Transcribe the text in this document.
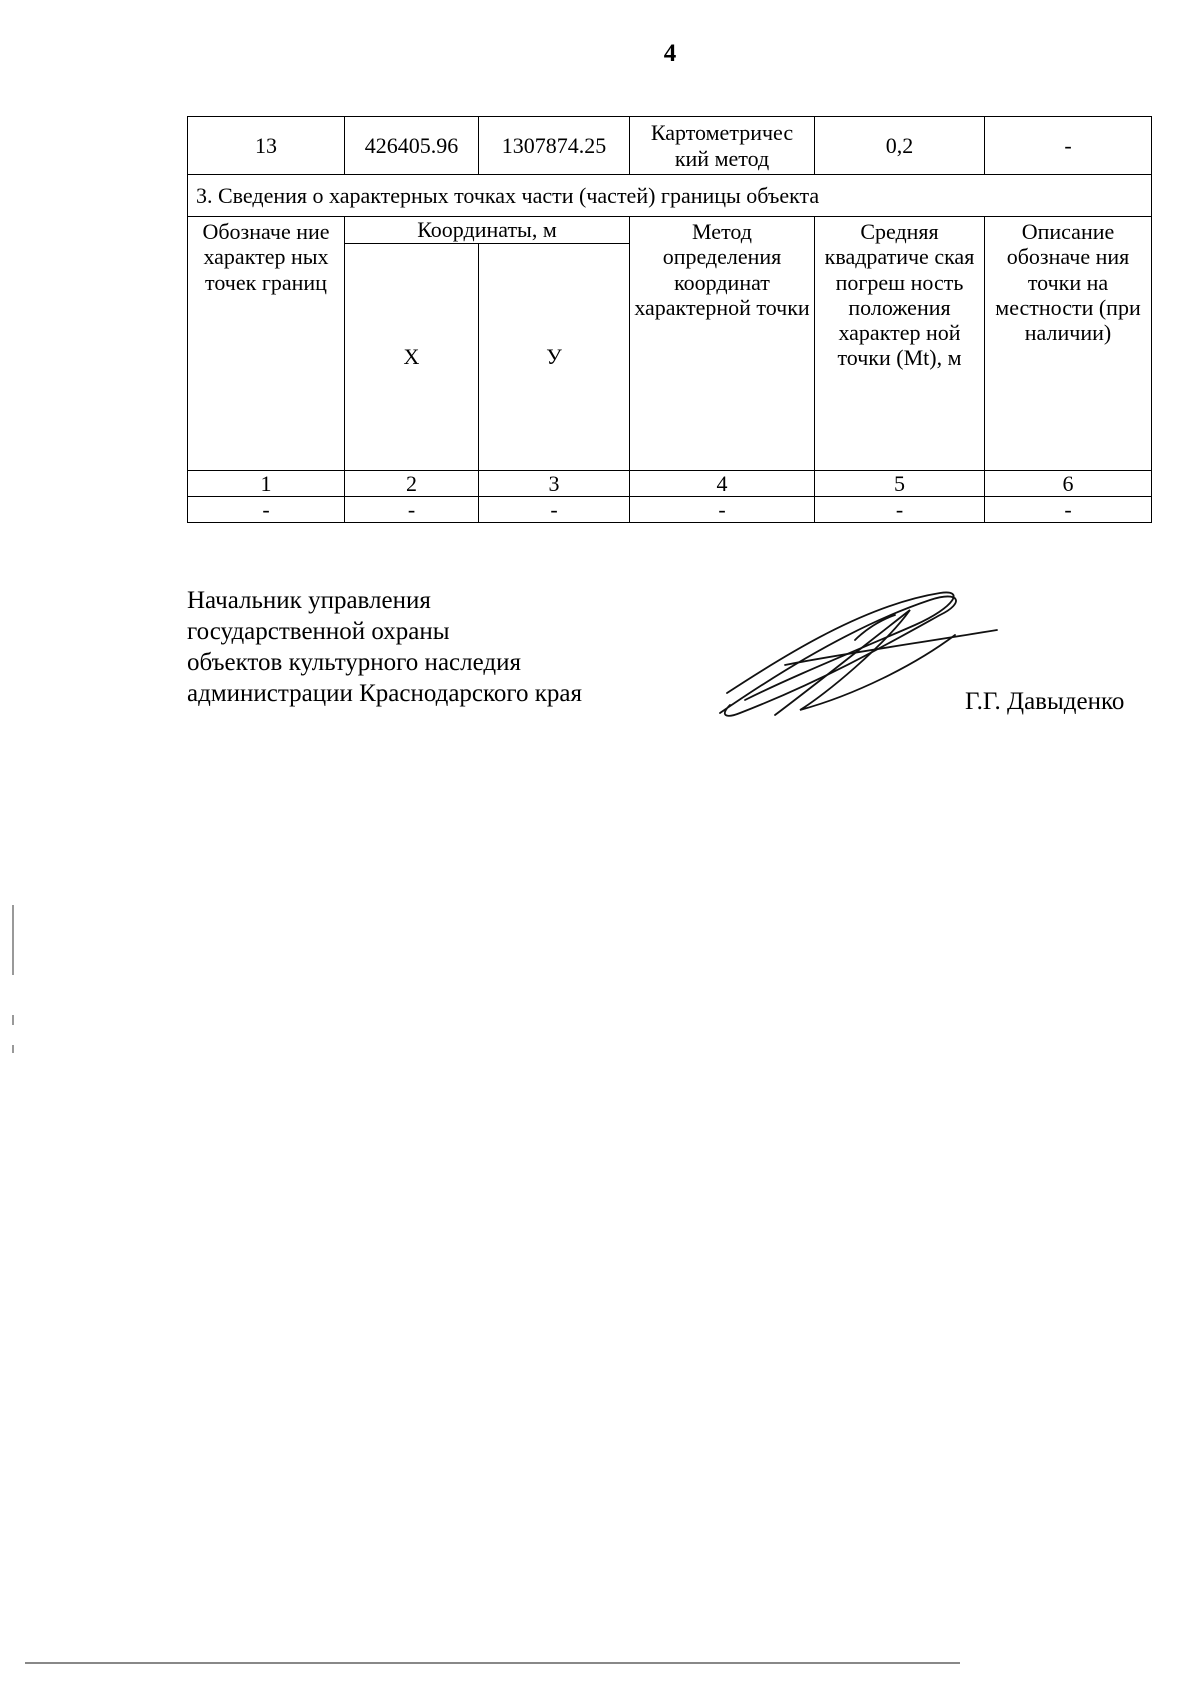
4
13	426405.96	1307874.25	Картометричес кий метод	0,2	-
3. Сведения о характерных точках части (частей) границы объекта					
Обозначе ние характер ных точек границ	Координаты, м		Метод определения координат характерной точки	Средняя квадратиче ская погреш ность положения характер ной точки (Mt), м	Описание обозначе ния точки на местности (при наличии)
	Х	У			
1	2	3	4	5	6
-	-	-	-	-	-
Начальник управления
государственной охраны
объектов культурного наследия
администрации Краснодарского края	Г.Г. Давыденко
